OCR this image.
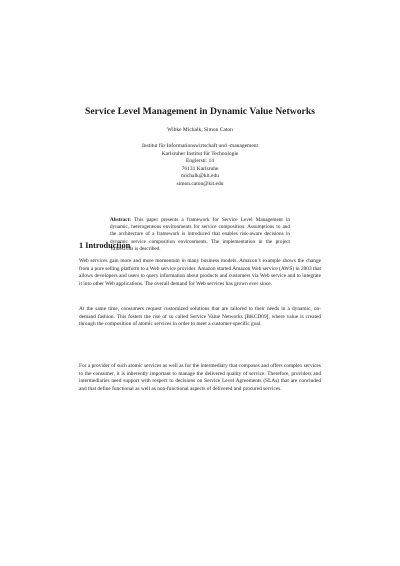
Service Level Management in Dynamic Value Networks
Wibke Michalk, Simon Caton
Institut für Informationswirtschaft und -management
Karlsruher Institut für Technologie
Englerstr. 14
76131 Karlsruhe
michalk@kit.edu
simon.caton@kit.edu
Abstract: This paper presents a framework for Service Level Management in dynamic, heterogeneous environments for service composition. Assumptions to and the architecture of a framework is introduced that enables risk-aware decisions in dynamic service composition environments. The implementation in the project ValueGrids is described.
1 Introduction
Web services gain more and more momentum in many business models. Amazon’s example shows the change from a pure selling platform to a Web service provider. Amazon started Amazon Web service (AWS) in 2003 that allows developers and users to query information about products and customers via Web service and to integrate it into other Web applications. The overall demand for Web services has grown ever since.
At the same time, consumers request customized solutions that are tailored to their needs in a dynamic, on-demand fashion. This fosters the rise of so called Service Value Networks [BKCD09], where value is created through the composition of atomic services in order to meet a customer-specific goal.
For a provider of such atomic services as well as for the intermediary that composes and offers complex services to the consumer, it is inherently important to manage the delivered quality of service. Therefore, providers and intermediaries need support with respect to decisions on Service Level Agreements (SLAs) that are concluded and that define functional as well as non-functional aspects of delivered and procured services.
